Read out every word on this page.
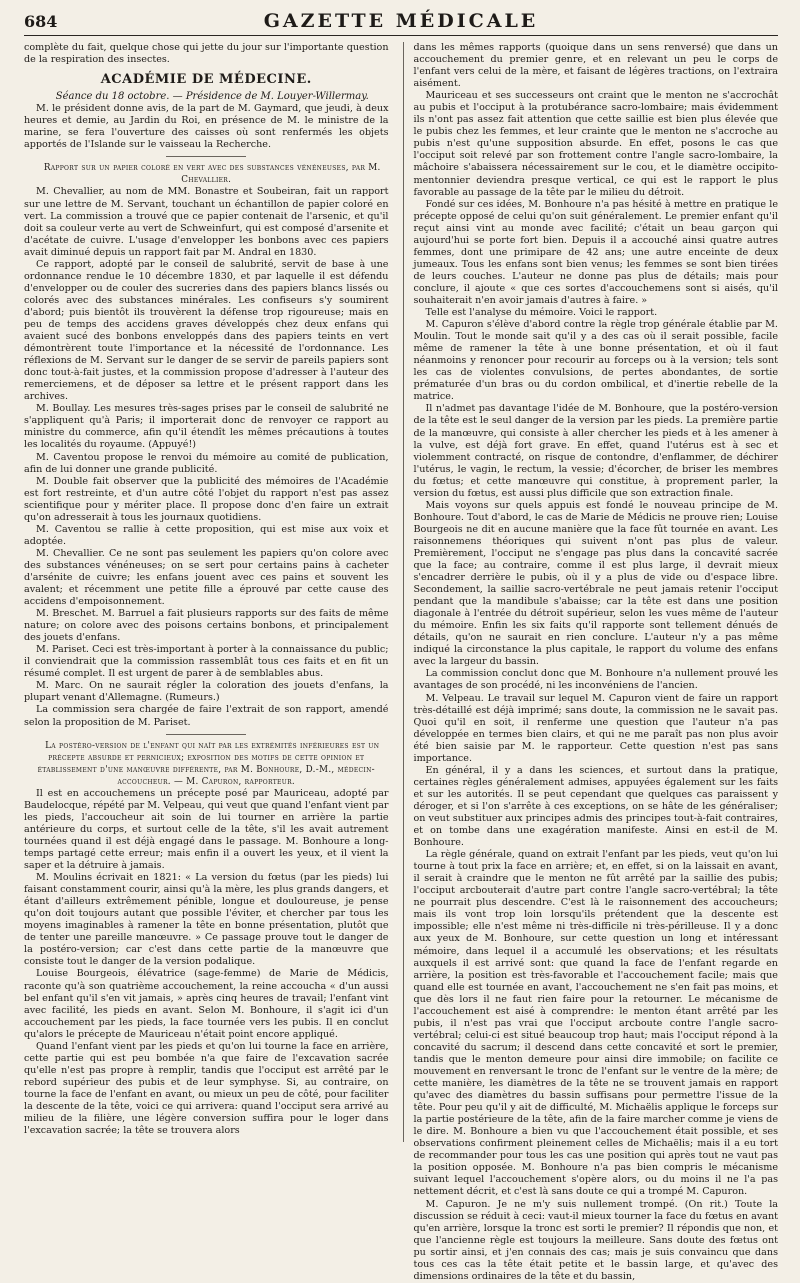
684	GAZETTE MÉDICALE

complète du fait, quelque chose qui jette du jour sur l'importante question de la respiration des insectes.

ACADÉMIE DE MÉDECINE.

Séance du 18 octobre. — Présidence de M. Louyer-Willermay.

M. le président donne avis, de la part de M. Gaymard, que jeudi, à deux heures et demie, au Jardin du Roi, en présence de M. le ministre de la marine, se fera l'ouverture des caisses où sont renfermés les objets apportés de l'Islande sur le vaisseau la Recherche.

Rapport sur un papier coloré en vert avec des substances vénéneuses, par M. Chevallier.

M. Chevallier, au nom de MM. Bonastre et Soubeiran, fait un rapport sur une lettre de M. Servant, touchant un échantillon de papier coloré en vert. La commission a trouvé que ce papier contenait de l'arsenic, et qu'il doit sa couleur verte au vert de Schweinfurt, qui est composé d'arsenite et d'acétate de cuivre. L'usage d'envelopper les bonbons avec ces papiers avait diminué depuis un rapport fait par M. Andral en 1830.

Ce rapport, adopté par le conseil de salubrité, servit de base à une ordonnance rendue le 10 décembre 1830, et par laquelle il est défendu d'envelopper ou de couler des sucreries dans des papiers blancs lissés ou colorés avec des substances minérales. Les confiseurs s'y soumirent d'abord; puis bientôt ils trouvèrent la défense trop rigoureuse; mais en peu de temps des accidens graves développés chez deux enfans qui avaient sucé des bonbons enveloppés dans des papiers teints en vert démontrèrent toute l'importance et la nécessité de l'ordonnance. Les réflexions de M. Servant sur le danger de se servir de pareils papiers sont donc tout-à-fait justes, et la commission propose d'adresser à l'auteur des remerciemens, et de déposer sa lettre et le présent rapport dans les archives.

M. Boullay. Les mesures très-sages prises par le conseil de salubrité ne s'appliquent qu'à Paris; il importerait donc de renvoyer ce rapport au ministre du commerce, afin qu'il étendît les mêmes précautions à toutes les localités du royaume. (Appuyé!)

M. Caventou propose le renvoi du mémoire au comité de publication, afin de lui donner une grande publicité.

M. Double fait observer que la publicité des mémoires de l'Académie est fort restreinte, et d'un autre côté l'objet du rapport n'est pas assez scientifique pour y mériter place. Il propose donc d'en faire un extrait qu'on adresserait à tous les journaux quotidiens.

M. Caventou se rallie à cette proposition, qui est mise aux voix et adoptée.

M. Chevallier. Ce ne sont pas seulement les papiers qu'on colore avec des substances vénéneuses; on se sert pour certains pains à cacheter d'arsénite de cuivre; les enfans jouent avec ces pains et souvent les avalent; et récemment une petite fille a éprouvé par cette cause des accidens d'empoisonnement.

M. Breschet. M. Barruel a fait plusieurs rapports sur des faits de même nature; on colore avec des poisons certains bonbons, et principalement des jouets d'enfans.

M. Pariset. Ceci est très-important à porter à la connaissance du public; il conviendrait que la commission rassemblât tous ces faits et en fit un résumé complet. Il est urgent de parer à de semblables abus.

M. Marc. On ne saurait régler la coloration des jouets d'enfans, la plupart venant d'Allemagne. (Rumeurs.)

La commission sera chargée de faire l'extrait de son rapport, amendé selon la proposition de M. Pariset.

La postéro-version de l'enfant qui naît par les extrémités inférieures est un précepte absurde et pernicieux; exposition des motifs de cette opinion et établissement d'une manœuvre différente, par M. Bonhoure, D.-M., médecin-accoucheur. — M. Capuron, rapporteur.

Il est en accouchemens un précepte posé par Mauriceau, adopté par Baudelocque, répété par M. Velpeau, qui veut que quand l'enfant vient par les pieds, l'accoucheur ait soin de lui tourner en arrière la partie antérieure du corps, et surtout celle de la tête, s'il les avait autrement tournées quand il est déjà engagé dans le passage. M. Bonhoure a long-temps partagé cette erreur; mais enfin il a ouvert les yeux, et il vient la saper et la détruire à jamais.

M. Moulins écrivait en 1821: « La version du fœtus (par les pieds) lui faisant constamment courir, ainsi qu'à la mère, les plus grands dangers, et étant d'ailleurs extrêmement pénible, longue et douloureuse, je pense qu'on doit toujours autant que possible l'éviter, et chercher par tous les moyens imaginables à ramener la tête en bonne présentation, plutôt que de tenter une pareille manœuvre. » Ce passage prouve tout le danger de la postéro-version; car c'est dans cette partie de la manœuvre que consiste tout le danger de la version podalique.

Louise Bourgeois, élévatrice (sage-femme) de Marie de Médicis, raconte qu'à son quatrième accouchement, la reine accoucha « d'un aussi bel enfant qu'il s'en vit jamais, » après cinq heures de travail; l'enfant vint avec facilité, les pieds en avant. Selon M. Bonhoure, il s'agit ici d'un accouchement par les pieds, la face tournée vers les pubis. Il en conclut qu'alors le précepte de Mauriceau n'était point encore appliqué.

Quand l'enfant vient par les pieds et qu'on lui tourne la face en arrière, cette partie qui est peu bombée n'a que faire de l'excavation sacrée qu'elle n'est pas propre à remplir, tandis que l'occiput est arrêté par le rebord supérieur des pubis et de leur symphyse. Si, au contraire, on tourne la face de l'enfant en avant, ou mieux un peu de côté, pour faciliter la descente de la tête, voici ce qui arrivera: quand l'occiput sera arrivé au milieu de la filière, une légère conversion suffira pour le loger dans l'excavation sacrée; la tête se trouvera alors

dans les mêmes rapports (quoique dans un sens renversé) que dans un accouchement du premier genre, et en relevant un peu le corps de l'enfant vers celui de la mère, et faisant de légères tractions, on l'extraira aisément.

Mauriceau et ses successeurs ont craint que le menton ne s'accrochât au pubis et l'occiput à la protubérance sacro-lombaire; mais évidemment ils n'ont pas assez fait attention que cette saillie est bien plus élevée que le pubis chez les femmes, et leur crainte que le menton ne s'accroche au pubis n'est qu'une supposition absurde. En effet, posons le cas que l'occiput soit relevé par son frottement contre l'angle sacro-lombaire, la mâchoire s'abaissera nécessairement sur le cou, et le diamètre occipito-mentonnier deviendra presque vertical, ce qui est le rapport le plus favorable au passage de la tête par le milieu du détroit.

Fondé sur ces idées, M. Bonhoure n'a pas hésité à mettre en pratique le précepte opposé de celui qu'on suit généralement. Le premier enfant qu'il reçut ainsi vint au monde avec facilité; c'était un beau garçon qui aujourd'hui se porte fort bien. Depuis il a accouché ainsi quatre autres femmes, dont une primipare de 42 ans; une autre enceinte de deux jumeaux. Tous les enfans sont bien venus; les femmes se sont bien tirées de leurs couches. L'auteur ne donne pas plus de détails; mais pour conclure, il ajoute « que ces sortes d'accouchemens sont si aisés, qu'il souhaiterait n'en avoir jamais d'autres à faire. »

Telle est l'analyse du mémoire. Voici le rapport.

M. Capuron s'élève d'abord contre la règle trop générale établie par M. Moulin. Tout le monde sait qu'il y a des cas où il serait possible, facile même de ramener la tête à une bonne présentation, et où il faut néanmoins y renoncer pour recourir au forceps ou à la version; tels sont les cas de violentes convulsions, de pertes abondantes, de sortie prématurée d'un bras ou du cordon ombilical, et d'inertie rebelle de la matrice.

Il n'admet pas davantage l'idée de M. Bonhoure, que la postéro-version de la tête est le seul danger de la version par les pieds. La première partie de la manœuvre, qui consiste à aller chercher les pieds et à les amener à la vulve, est déjà fort grave. En effet, quand l'utérus est à sec et violemment contracté, on risque de contondre, d'enflammer, de déchirer l'utérus, le vagin, le rectum, la vessie; d'écorcher, de briser les membres du fœtus; et cette manœuvre qui constitue, à proprement parler, la version du fœtus, est aussi plus difficile que son extraction finale.

Mais voyons sur quels appuis est fondé le nouveau principe de M. Bonhoure. Tout d'abord, le cas de Marie de Médicis ne prouve rien; Louise Bourgeois ne dit en aucune manière que la face fût tournée en avant. Les raisonnemens théoriques qui suivent n'ont pas plus de valeur. Premièrement, l'occiput ne s'engage pas plus dans la concavité sacrée que la face; au contraire, comme il est plus large, il devrait mieux s'encadrer derrière le pubis, où il y a plus de vide ou d'espace libre. Secondement, la saillie sacro-vertébrale ne peut jamais retenir l'occiput pendant que la mandibule s'abaisse; car la tête est dans une position diagonale à l'entrée du détroit supérieur, selon les vues même de l'auteur du mémoire. Enfin les six faits qu'il rapporte sont tellement dénués de détails, qu'on ne saurait en rien conclure. L'auteur n'y a pas même indiqué la circonstance la plus capitale, le rapport du volume des enfans avec la largeur du bassin.

La commission conclut donc que M. Bonhoure n'a nullement prouvé les avantages de son procédé, ni les inconvéniens de l'ancien.

M. Velpeau. Le travail sur lequel M. Capuron vient de faire un rapport très-détaillé est déjà imprimé; sans doute, la commission ne le savait pas. Quoi qu'il en soit, il renferme une question que l'auteur n'a pas développée en termes bien clairs, et qui ne me paraît pas non plus avoir été bien saisie par M. le rapporteur. Cette question n'est pas sans importance.

En général, il y a dans les sciences, et surtout dans la pratique, certaines règles généralement admises, appuyées également sur les faits et sur les autorités. Il se peut cependant que quelques cas paraissent y déroger, et si l'on s'arrête à ces exceptions, on se hâte de les généraliser; on veut substituer aux principes admis des principes tout-à-fait contraires, et on tombe dans une exagération manifeste. Ainsi en est-il de M. Bonhoure.

La règle générale, quand on extrait l'enfant par les pieds, veut qu'on lui tourne à tout prix la face en arrière; et, en effet, si on la laissait en avant, il serait à craindre que le menton ne fût arrêté par la saillie des pubis; l'occiput arcbouterait d'autre part contre l'angle sacro-vertébral; la tête ne pourrait plus descendre. C'est là le raisonnement des accoucheurs; mais ils vont trop loin lorsqu'ils prétendent que la descente est impossible; elle n'est même ni très-difficile ni très-périlleuse. Il y a donc aux yeux de M. Bonhoure, sur cette question un long et intéressant mémoire, dans lequel il a accumulé les observations; et les résultats auxquels il est arrivé sont: que quand la face de l'enfant regarde en arrière, la position est très-favorable et l'accouchement facile; mais que quand elle est tournée en avant, l'accouchement ne s'en fait pas moins, et que dès lors il ne faut rien faire pour la retourner. Le mécanisme de l'accouchement est aisé à comprendre: le menton étant arrêté par les pubis, il n'est pas vrai que l'occiput arcboute contre l'angle sacro-vertébral; celui-ci est situé beaucoup trop haut; mais l'occiput répond à la concavité du sacrum; il descend dans cette concavité et sort le premier, tandis que le menton demeure pour ainsi dire immobile; on facilite ce mouvement en renversant le tronc de l'enfant sur le ventre de la mère; de cette manière, les diamètres de la tête ne se trouvent jamais en rapport qu'avec des diamètres du bassin suffisans pour permettre l'issue de la tête. Pour peu qu'il y ait de difficulté, M. Michaëlis applique le forceps sur la partie postérieure de la tête, afin de la faire marcher comme je viens de le dire. M. Bonhoure a bien vu que l'accouchement était possible, et ses observations confirment pleinement celles de Michaëlis; mais il a eu tort de recommander pour tous les cas une position qui après tout ne vaut pas la position opposée. M. Bonhoure n'a pas bien compris le mécanisme suivant lequel l'accouchement s'opère alors, ou du moins il ne l'a pas nettement décrit, et c'est là sans doute ce qui a trompé M. Capuron.

M. Capuron. Je ne m'y suis nullement trompé. (On rit.) Toute la discussion se réduit à ceci: vaut-il mieux tourner la face du fœtus en avant qu'en arrière, lorsque la tronc est sorti le premier? Il répondis que non, et que l'ancienne règle est toujours la meilleure. Sans doute des fœtus ont pu sortir ainsi, et j'en connais des cas; mais je suis convaincu que dans tous ces cas la tête était petite et le bassin large, et qu'avec des dimensions ordinaires de la tête et du bassin,
